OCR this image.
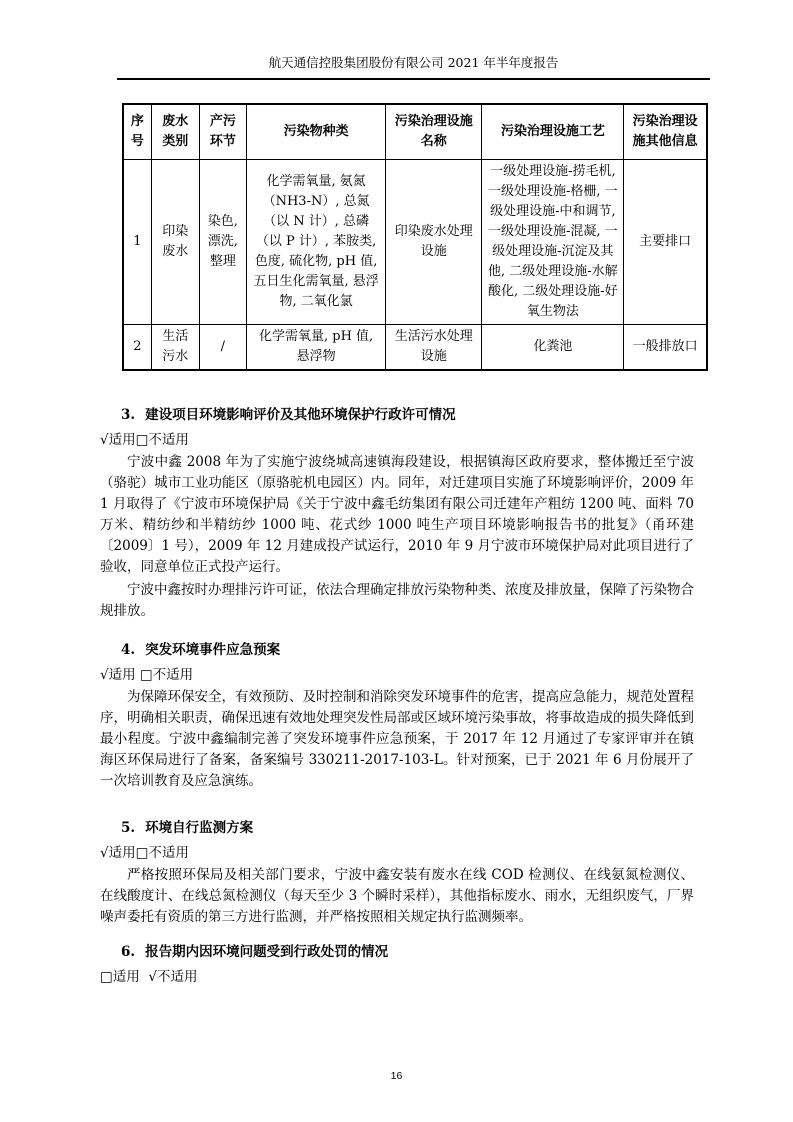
航天通信控股集团股份有限公司 2021 年半年度报告
序号	废水类别	产污环节	污染物种类	污染治理设施名称	污染治理设施工艺	污染治理设施其他信息
1	印染废水	染色, 漂洗, 整理	化学需氧量, 氨氮（NH3-N）, 总氮（以 N 计）, 总磷（以 P 计）, 苯胺类, 色度, 硫化物, pH 值, 五日生化需氧量, 悬浮物, 二氧化氯	印染废水处理设施	一级处理设施-捞毛机, 一级处理设施-格栅, 一级处理设施-中和调节, 一级处理设施-混凝, 一级处理设施-沉淀及其他, 二级处理设施-水解酸化, 二级处理设施-好氧生物法	主要排口
2	生活污水	/	化学需氧量, pH 值, 悬浮物	生活污水处理设施	化粪池	一般排放口
3. 建设项目环境影响评价及其他环境保护行政许可情况
√适用□不适用

宁波中鑫 2008 年为了实施宁波绕城高速镇海段建设，根据镇海区政府要求，整体搬迁至宁波（骆驼）城市工业功能区（原骆驼机电园区）内。同年，对迁建项目实施了环境影响评价，2009 年 1 月取得了《宁波市环境保护局《关于宁波中鑫毛纺集团有限公司迁建年产粗纺 1200 吨、面料 70 万米、精纺纱和半精纺纱 1000 吨、花式纱 1000 吨生产项目环境影响报告书的批复》（甬环建〔2009〕1 号），2009 年 12 月建成投产试运行，2010 年 9 月宁波市环境保护局对此项目进行了验收，同意单位正式投产运行。

宁波中鑫按时办理排污许可证，依法合理确定排放污染物种类、浓度及排放量，保障了污染物合规排放。

4. 突发环境事件应急预案
√适用 □不适用

为保障环保安全，有效预防、及时控制和消除突发环境事件的危害，提高应急能力，规范处置程序，明确相关职责，确保迅速有效地处理突发性局部或区域环境污染事故，将事故造成的损失降低到最小程度。宁波中鑫编制完善了突发环境事件应急预案，于 2017 年 12 月通过了专家评审并在镇海区环保局进行了备案，备案编号 330211-2017-103-L。针对预案，已于 2021 年 6 月份展开了一次培训教育及应急演练。

5. 环境自行监测方案
√适用□不适用

严格按照环保局及相关部门要求，宁波中鑫安装有废水在线 COD 检测仪、在线氨氮检测仪、在线酸度计、在线总氮检测仪（每天至少 3 个瞬时采样），其他指标废水、雨水，无组织废气，厂界噪声委托有资质的第三方进行监测，并严格按照相关规定执行监测频率。

6. 报告期内因环境问题受到行政处罚的情况
□适用  √不适用
16
